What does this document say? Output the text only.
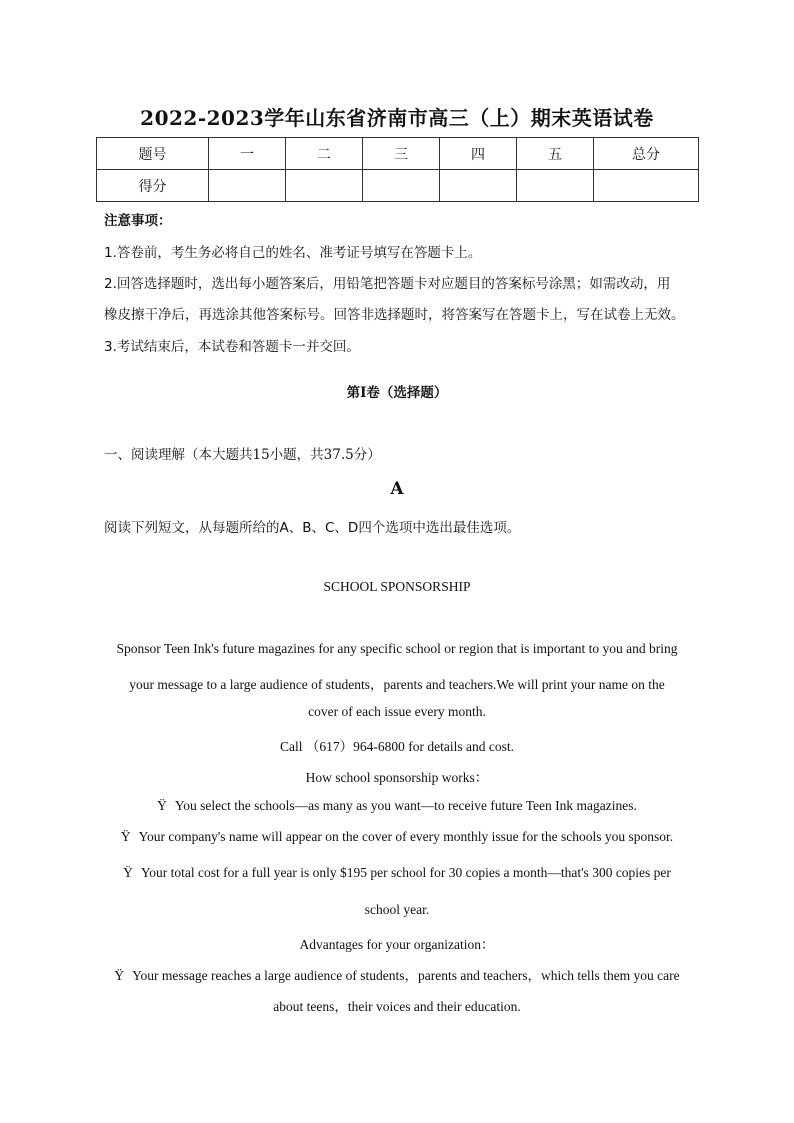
2022-2023学年山东省济南市高三（上）期末英语试卷
题号	一	二	三	四	五	总分
得分						
注意事项：
1.答卷前，考生务必将自己的姓名、准考证号填写在答题卡上。
2.回答选择题时，选出每小题答案后，用铅笔把答题卡对应题目的答案标号涂黑；如需改动，用
橡皮擦干净后，再选涂其他答案标号。回答非选择题时，将答案写在答题卡上，写在试卷上无效。
3.考试结束后，本试卷和答题卡一并交回。
第Ⅰ卷（选择题）
一、阅读理解（本大题共15小题，共37.5分）
A
阅读下列短文，从每题所给的A、B、C、D四个选项中选出最佳选项。
SCHOOL SPONSORSHIP
Sponsor Teen Ink's future magazines for any specific school or region that is important to you and bring
your message to a large audience of students，parents and teachers.We will print your name on the
cover of each issue every month.
Call （617）964-6800 for details and cost.
How school sponsorship works：
Ÿ You select the schools—as many as you want—to receive future Teen Ink magazines.
Ÿ Your company's name will appear on the cover of every monthly issue for the schools you sponsor.
Ÿ Your total cost for a full year is only $195 per school for 30 copies a month—that's 300 copies per
school year.
Advantages for your organization：
Ÿ Your message reaches a large audience of students，parents and teachers，which tells them you care
about teens，their voices and their education.
